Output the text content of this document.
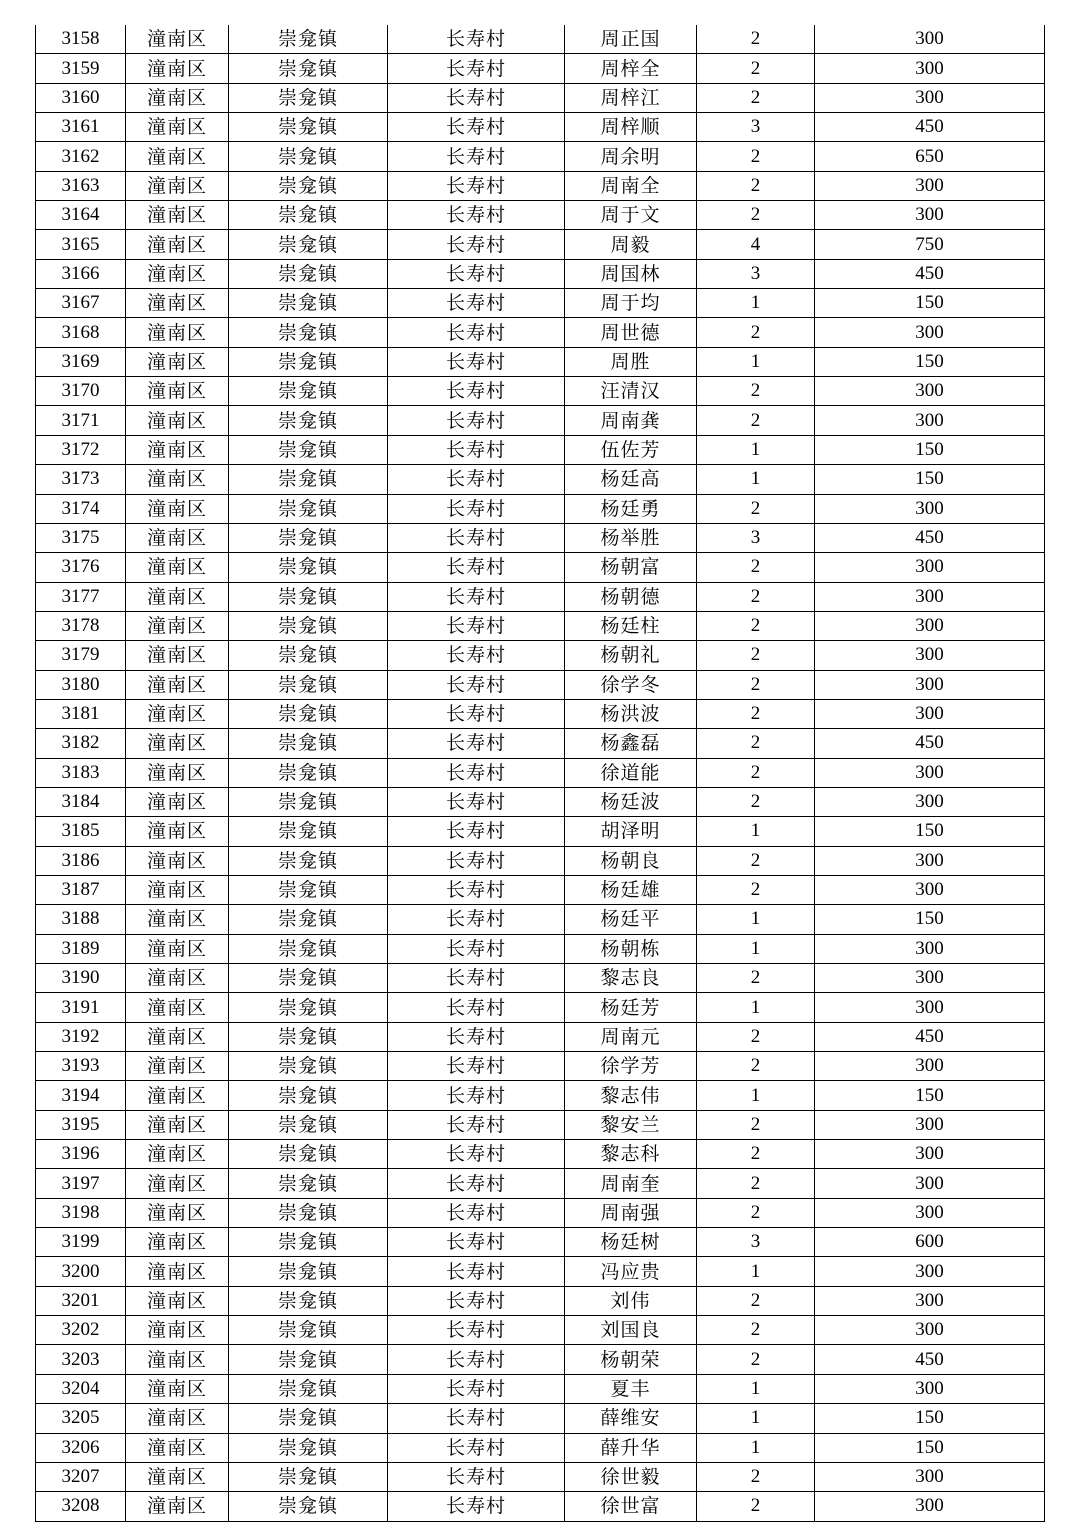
3158	潼南区	崇龛镇	长寿村	周正国	2	300
3159	潼南区	崇龛镇	长寿村	周梓全	2	300
3160	潼南区	崇龛镇	长寿村	周梓江	2	300
3161	潼南区	崇龛镇	长寿村	周梓顺	3	450
3162	潼南区	崇龛镇	长寿村	周余明	2	650
3163	潼南区	崇龛镇	长寿村	周南全	2	300
3164	潼南区	崇龛镇	长寿村	周于文	2	300
3165	潼南区	崇龛镇	长寿村	周毅	4	750
3166	潼南区	崇龛镇	长寿村	周国林	3	450
3167	潼南区	崇龛镇	长寿村	周于均	1	150
3168	潼南区	崇龛镇	长寿村	周世德	2	300
3169	潼南区	崇龛镇	长寿村	周胜	1	150
3170	潼南区	崇龛镇	长寿村	汪清汉	2	300
3171	潼南区	崇龛镇	长寿村	周南龚	2	300
3172	潼南区	崇龛镇	长寿村	伍佐芳	1	150
3173	潼南区	崇龛镇	长寿村	杨廷高	1	150
3174	潼南区	崇龛镇	长寿村	杨廷勇	2	300
3175	潼南区	崇龛镇	长寿村	杨举胜	3	450
3176	潼南区	崇龛镇	长寿村	杨朝富	2	300
3177	潼南区	崇龛镇	长寿村	杨朝德	2	300
3178	潼南区	崇龛镇	长寿村	杨廷柱	2	300
3179	潼南区	崇龛镇	长寿村	杨朝礼	2	300
3180	潼南区	崇龛镇	长寿村	徐学冬	2	300
3181	潼南区	崇龛镇	长寿村	杨洪波	2	300
3182	潼南区	崇龛镇	长寿村	杨鑫磊	2	450
3183	潼南区	崇龛镇	长寿村	徐道能	2	300
3184	潼南区	崇龛镇	长寿村	杨廷波	2	300
3185	潼南区	崇龛镇	长寿村	胡泽明	1	150
3186	潼南区	崇龛镇	长寿村	杨朝良	2	300
3187	潼南区	崇龛镇	长寿村	杨廷雄	2	300
3188	潼南区	崇龛镇	长寿村	杨廷平	1	150
3189	潼南区	崇龛镇	长寿村	杨朝栋	1	300
3190	潼南区	崇龛镇	长寿村	黎志良	2	300
3191	潼南区	崇龛镇	长寿村	杨廷芳	1	300
3192	潼南区	崇龛镇	长寿村	周南元	2	450
3193	潼南区	崇龛镇	长寿村	徐学芳	2	300
3194	潼南区	崇龛镇	长寿村	黎志伟	1	150
3195	潼南区	崇龛镇	长寿村	黎安兰	2	300
3196	潼南区	崇龛镇	长寿村	黎志科	2	300
3197	潼南区	崇龛镇	长寿村	周南奎	2	300
3198	潼南区	崇龛镇	长寿村	周南强	2	300
3199	潼南区	崇龛镇	长寿村	杨廷树	3	600
3200	潼南区	崇龛镇	长寿村	冯应贵	1	300
3201	潼南区	崇龛镇	长寿村	刘伟	2	300
3202	潼南区	崇龛镇	长寿村	刘国良	2	300
3203	潼南区	崇龛镇	长寿村	杨朝荣	2	450
3204	潼南区	崇龛镇	长寿村	夏丰	1	300
3205	潼南区	崇龛镇	长寿村	薛维安	1	150
3206	潼南区	崇龛镇	长寿村	薛升华	1	150
3207	潼南区	崇龛镇	长寿村	徐世毅	2	300
3208	潼南区	崇龛镇	长寿村	徐世富	2	300
